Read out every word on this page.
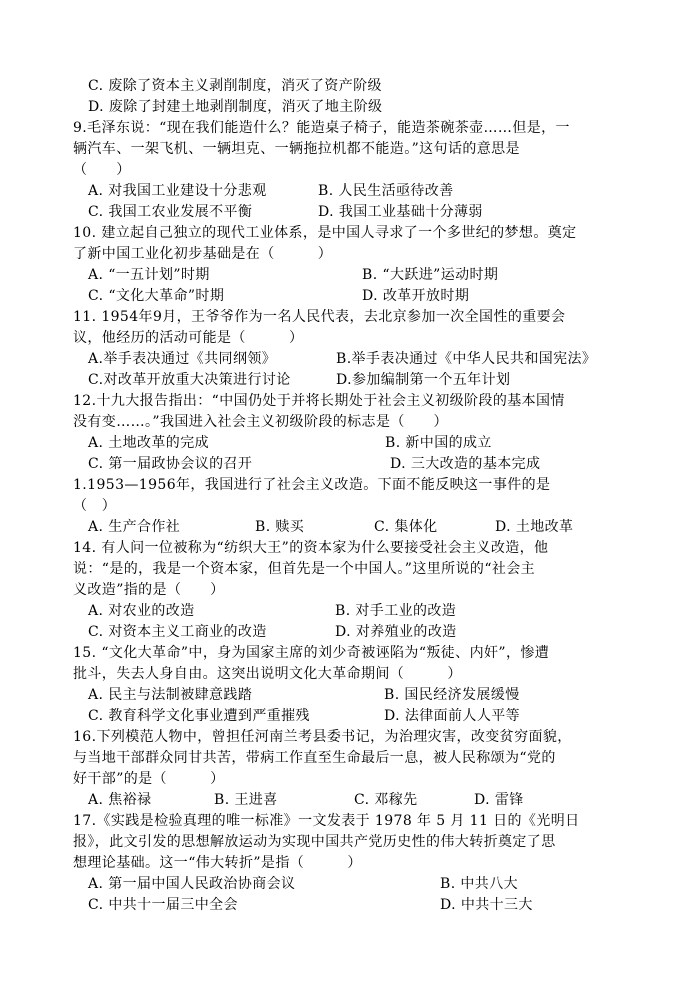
C. 废除了资本主义剥削制度，消灭了资产阶级
D. 废除了封建土地剥削制度，消灭了地主阶级
9.毛泽东说：“现在我们能造什么？能造桌子椅子，能造茶碗茶壶……但是，一
辆汽车、一架飞机、一辆坦克、一辆拖拉机都不能造。”这句话的意思是
（　　）
A. 对我国工业建设十分悲观	B. 人民生活亟待改善
C. 我国工农业发展不平衡	D. 我国工业基础十分薄弱
10. 建立起自己独立的现代工业体系，是中国人寻求了一个多世纪的梦想。奠定
了新中国工业化初步基础是在（　　　）
A. “一五计划”时期	B. “大跃进”运动时期
C. “文化大革命”时期	D. 改革开放时期
11. 1954年9月，王爷爷作为一名人民代表，去北京参加一次全国性的重要会
议，他经历的活动可能是（　　　）
A.举手表决通过《共同纲领》	B.举手表决通过《中华人民共和国宪法》
C.对改革开放重大决策进行讨论	D.参加编制第一个五年计划
12.十九大报告指出：“中国仍处于并将长期处于社会主义初级阶段的基本国情
没有变……。”我国进入社会主义初级阶段的标志是（　　）
A. 土地改革的完成	B. 新中国的成立
C. 第一届政协会议的召开	D. 三大改造的基本完成
1.1953—1956年，我国进行了社会主义改造。下面不能反映这一事件的是
（　）
A. 生产合作社	B. 赎买	C. 集体化	D. 土地改革
14. 有人问一位被称为“纺织大王”的资本家为什么要接受社会主义改造，他
说：“是的，我是一个资本家，但首先是一个中国人。”这里所说的“社会主
义改造”指的是（　　）
A. 对农业的改造	B. 对手工业的改造
C. 对资本主义工商业的改造	D. 对养殖业的改造
15. “文化大革命”中，身为国家主席的刘少奇被诬陷为“叛徒、内奸”，惨遭
批斗，失去人身自由。这突出说明文化大革命期间（　　　）
A. 民主与法制被肆意践踏	B. 国民经济发展缓慢
C. 教育科学文化事业遭到严重摧残	D. 法律面前人人平等
16.下列模范人物中，曾担任河南兰考县委书记，为治理灾害，改变贫穷面貌，
与当地干部群众同甘共苦，带病工作直至生命最后一息，被人民称颂为“党的
好干部”的是（　　　）
A. 焦裕禄	B. 王进喜	C. 邓稼先	D. 雷锋
17.《实践是检验真理的唯一标准》一文发表于 1978 年 5 月 11 日的《光明日
报》，此文引发的思想解放运动为实现中国共产党历史性的伟大转折奠定了思
想理论基础。这一“伟大转折”是指（　　　）
A. 第一届中国人民政治协商会议	B. 中共八大
C. 中共十一届三中全会	D. 中共十三大
